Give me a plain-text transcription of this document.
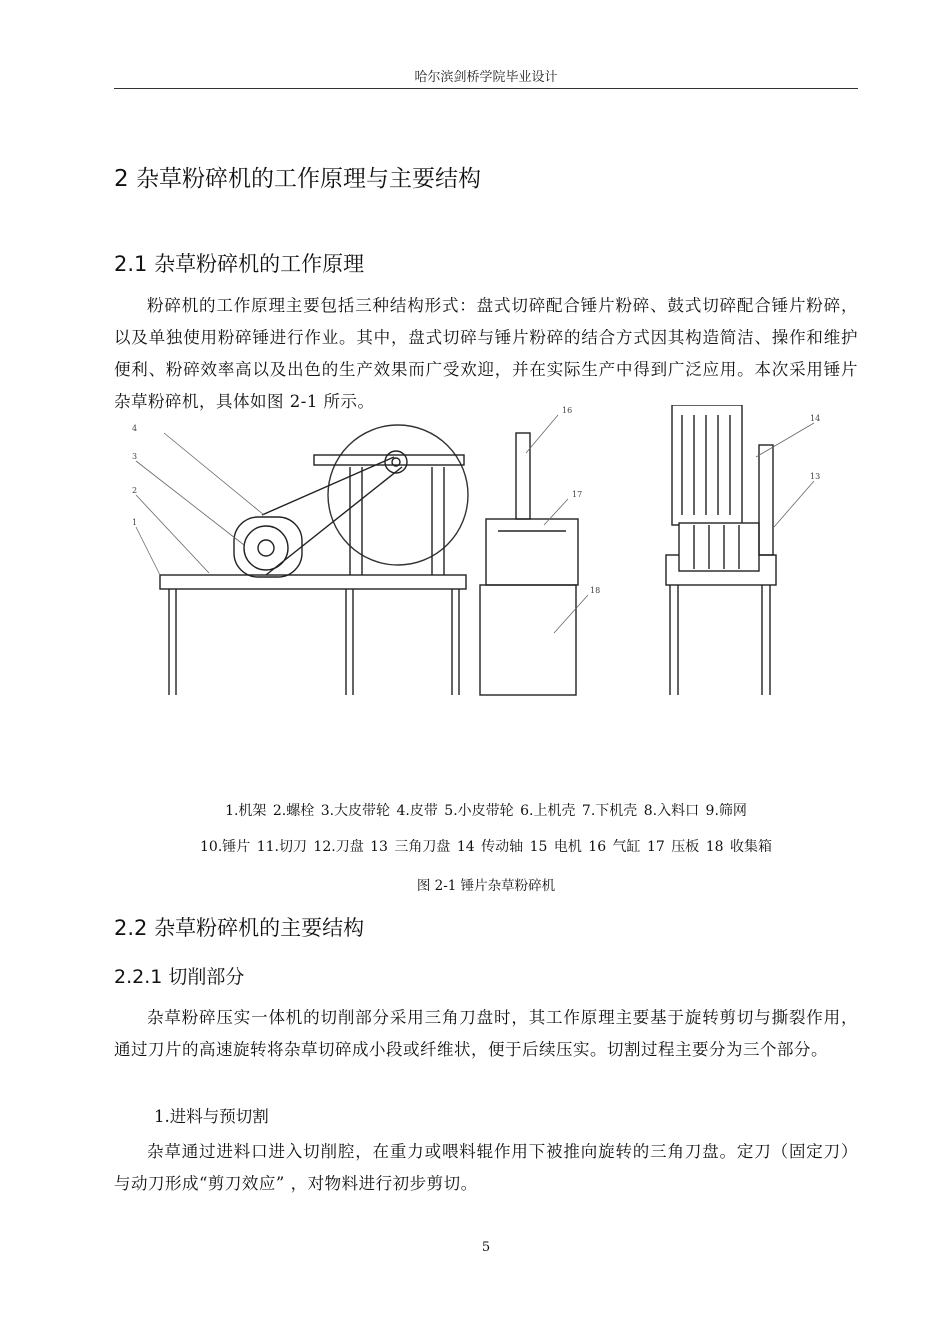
哈尔滨剑桥学院毕业设计
2 杂草粉碎机的工作原理与主要结构
2.1 杂草粉碎机的工作原理
粉碎机的工作原理主要包括三种结构形式：盘式切碎配合锤片粉碎、鼓式切碎配合锤片粉碎，以及单独使用粉碎锤进行作业。其中，盘式切碎与锤片粉碎的结合方式因其构造简洁、操作和维护便利、粉碎效率高以及出色的生产效果而广受欢迎，并在实际生产中得到广泛应用。本次采用锤片杂草粉碎机，具体如图 2-1 所示。
1
2
3
4
13
14
16
17
18
1.机架 2.螺栓 3.大皮带轮 4.皮带 5.小皮带轮 6.上机壳 7.下机壳 8.入料口 9.筛网
10.锤片 11.切刀 12.刀盘 13 三角刀盘 14 传动轴 15 电机 16 气缸 17 压板 18 收集箱
图 2-1 锤片杂草粉碎机
2.2 杂草粉碎机的主要结构
2.2.1 切削部分
杂草粉碎压实一体机的切削部分采用三角刀盘时，其工作原理主要基于旋转剪切与撕裂作用，通过刀片的高速旋转将杂草切碎成小段或纤维状，便于后续压实。切割过程主要分为三个部分。
1.进料与预切割
杂草通过进料口进入切削腔，在重力或喂料辊作用下被推向旋转的三角刀盘。定刀（固定刀）与动刀形成“剪刀效应” ，对物料进行初步剪切。
5
